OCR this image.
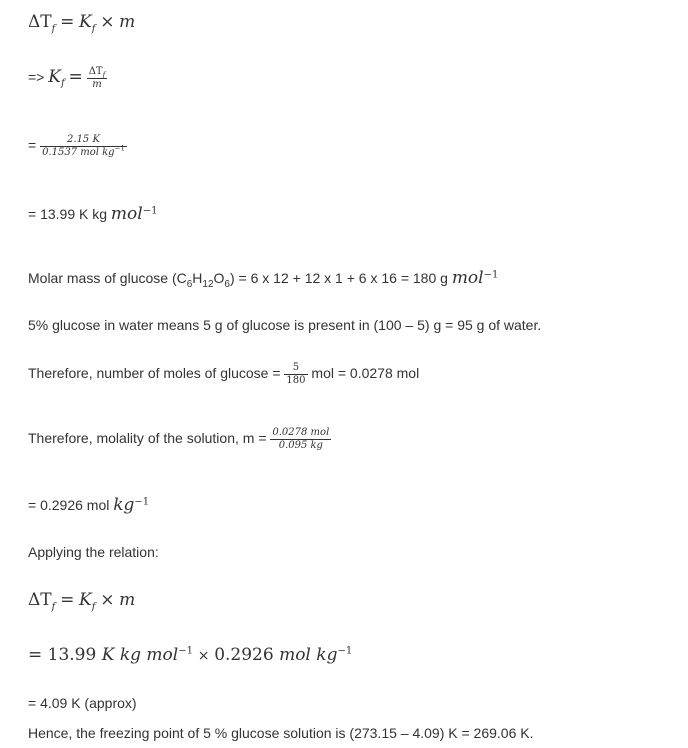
$\Delta T_f = K_f \times m$
=> $K_f = \frac{\Delta T_f}{m}$
= $\frac{2.15 K}{0.1537 mol kg^{-1}}$
= 13.99 K kg mol$^{-1}$
Molar mass of glucose $(C_6H_{12}O_6) = 6$ x 12 + 12 x 1 + 6 x 16 = 180 g mol$^{-1}$
5% glucose in water means 5 g of glucose is present in (100 – 5) g = 95 g of water.
Therefore, number of moles of $glucose = \frac{5}{180}$ mol = 0.0278 mol
Therefore, molality of the solution, $m = \frac{\text{0.0278 mol}}{0.095 kg}$
= 0.2926 mol $kg^{-1}$
Applying the relation:
$\Delta T_f = K_f \times m$
= 13.99 K kg mol$^{-1}$ × 0.2926 mol $kg^{-1}$
= 4.09 K (approx)
Hence, the freezing point of 5 % glucose solution is (273.15 – 4.09) K = 269.06 K.
